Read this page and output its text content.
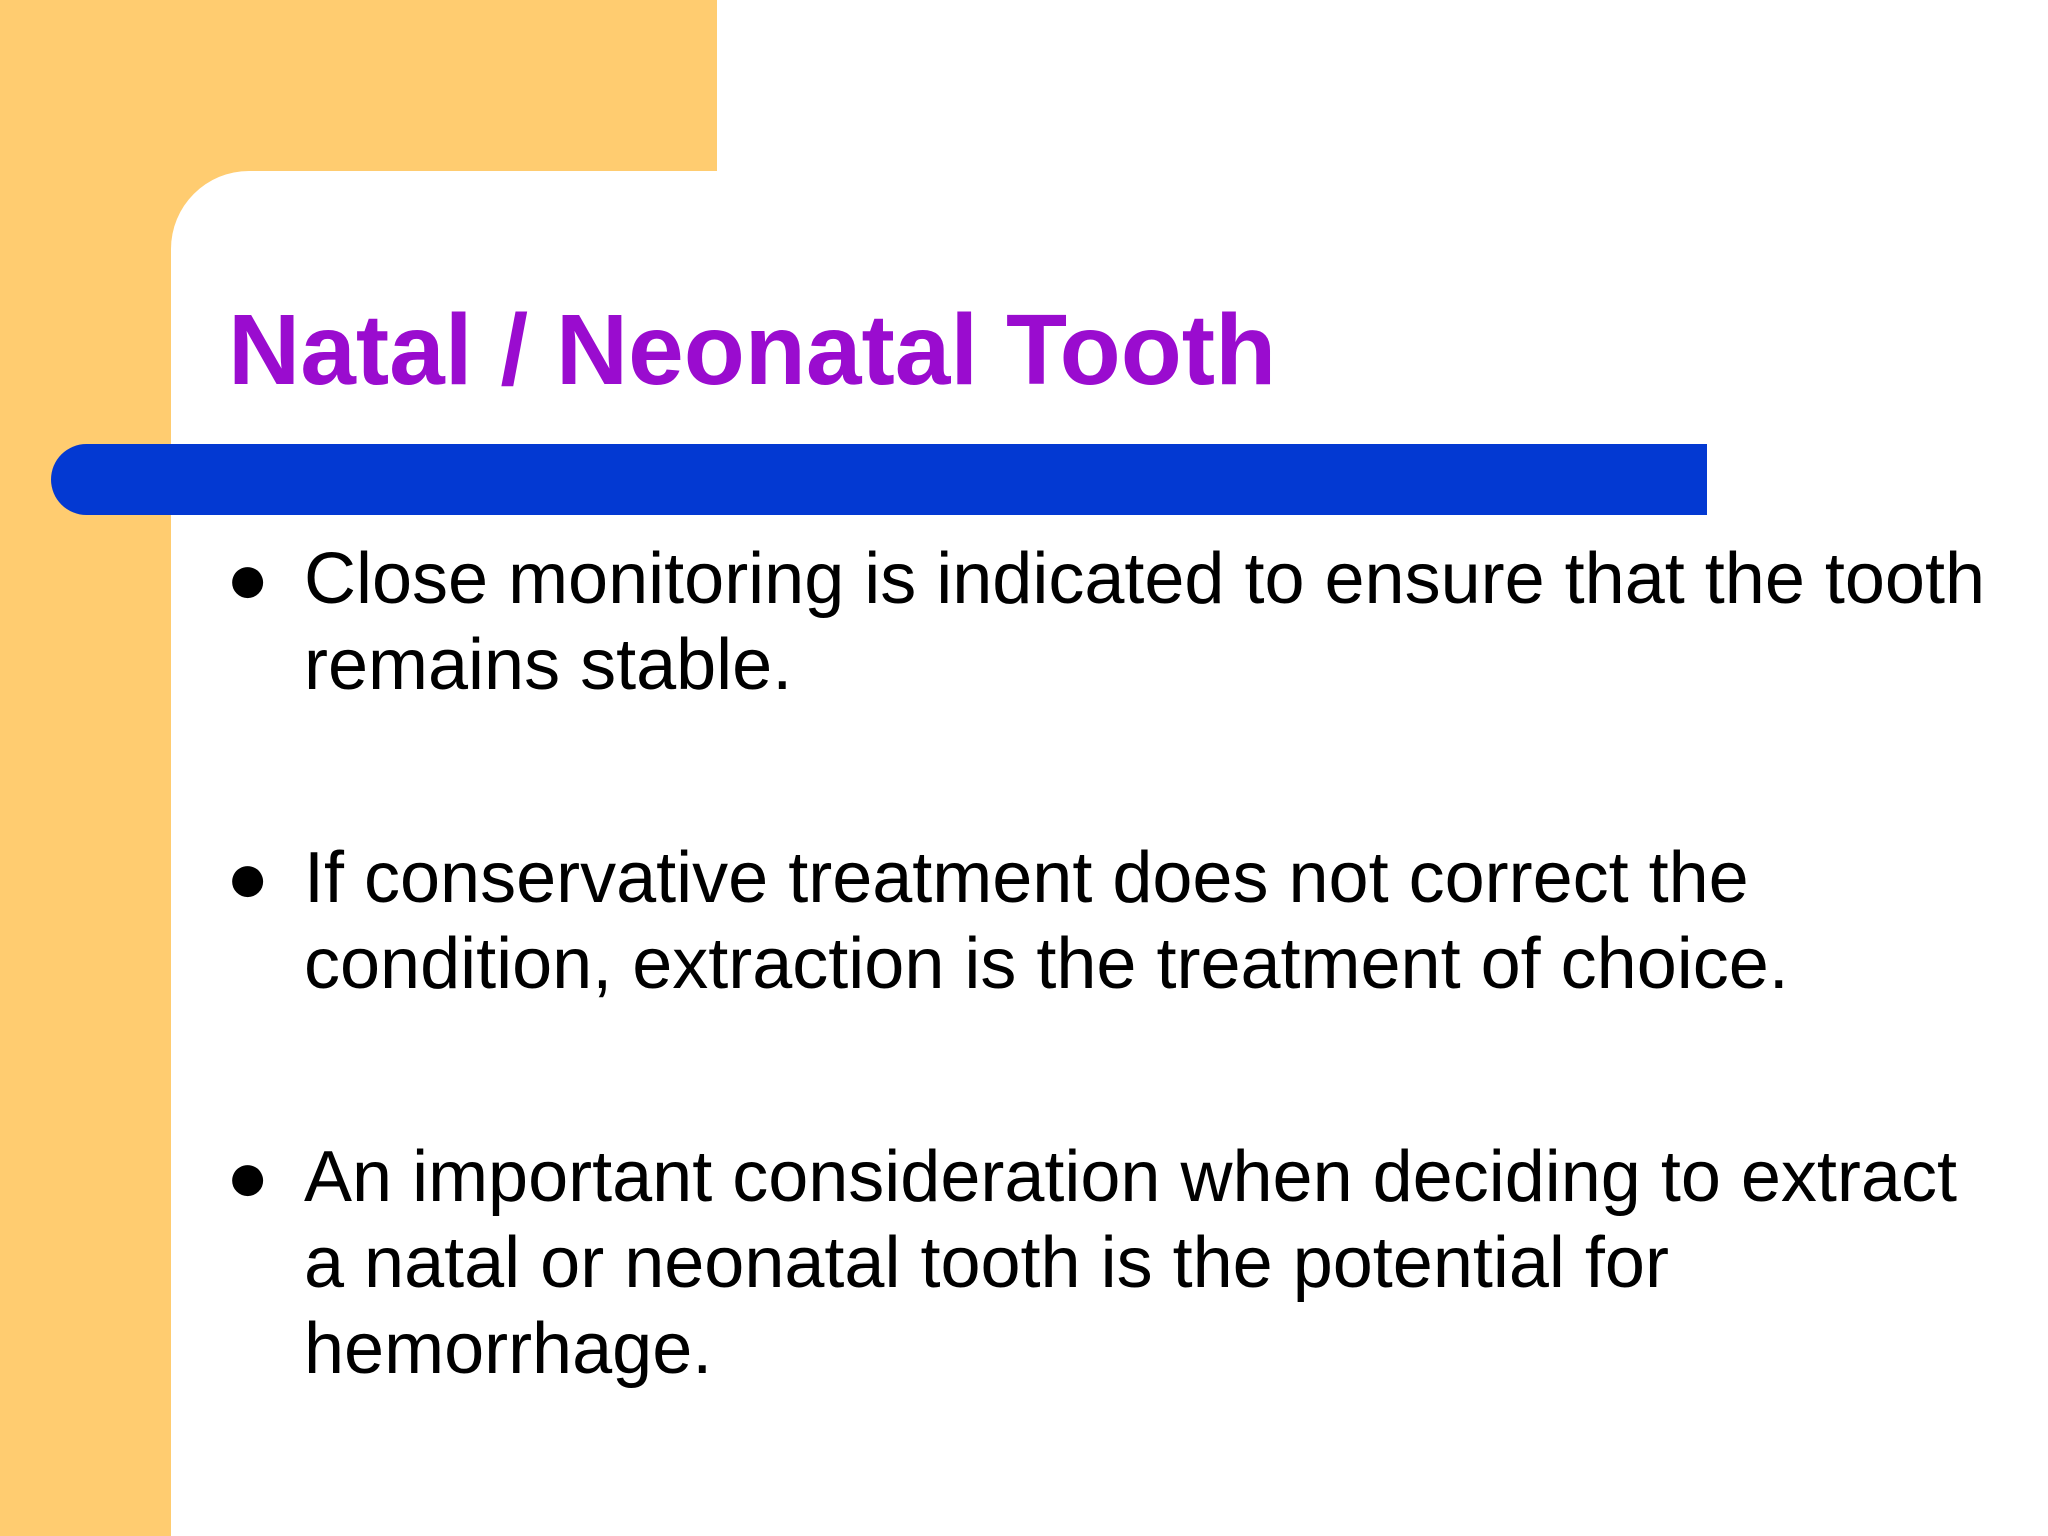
Natal / Neonatal Tooth
● Close monitoring is indicated to ensure that the tooth remains stable.
● If conservative treatment does not correct the condition, extraction is the treatment of choice.
● An important consideration when deciding to extract a natal or neonatal tooth is the potential for hemorrhage.
